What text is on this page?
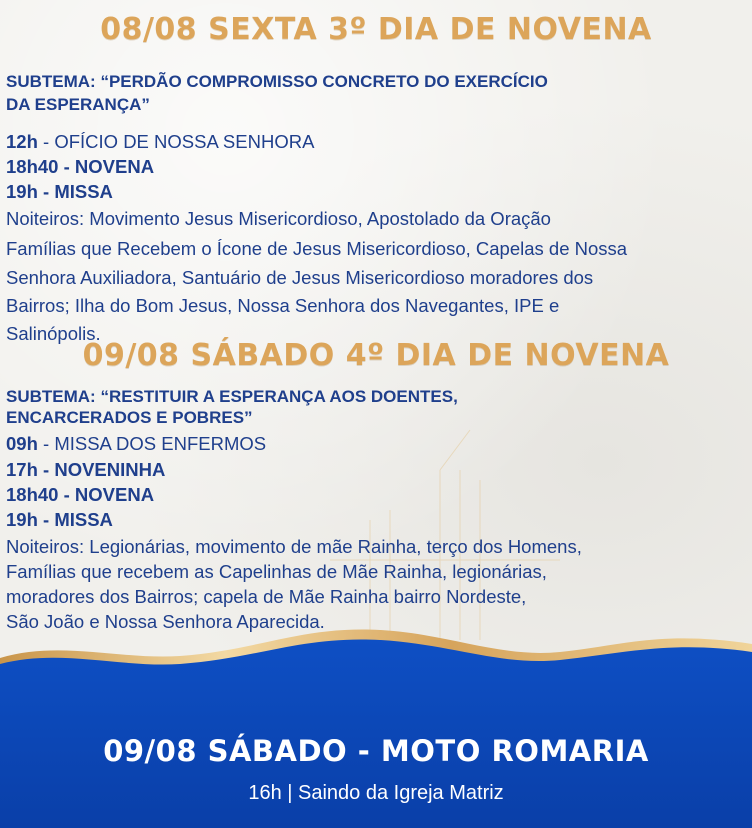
08/08 SEXTA 3º DIA DE NOVENA
SUBTEMA: “PERDÃO COMPROMISSO CONCRETO DO EXERCÍCIO
DA ESPERANÇA”
12h - OFÍCIO DE NOSSA SENHORA
18h40 - NOVENA
19h - MISSA
Noiteiros: Movimento Jesus Misericordioso, Apostolado da Oração
Famílias que Recebem o Ícone de Jesus Misericordioso, Capelas de Nossa
Senhora Auxiliadora, Santuário de Jesus Misericordioso moradores dos
Bairros; Ilha do Bom Jesus, Nossa Senhora dos Navegantes, IPE e
Salinópolis.
09/08 SÁBADO 4º DIA DE NOVENA
SUBTEMA: “RESTITUIR A ESPERANÇA AOS DOENTES,
ENCARCERADOS E POBRES”
09h - MISSA DOS ENFERMOS
17h - NOVENINHA
18h40 - NOVENA
19h - MISSA
Noiteiros: Legionárias, movimento de mãe Rainha, terço dos Homens,
Famílias que recebem as Capelinhas de Mãe Rainha, legionárias,
moradores dos Bairros; capela de Mãe Rainha bairro Nordeste,
São João e Nossa Senhora Aparecida.
09/08 SÁBADO - MOTO ROMARIA
16h | Saindo da Igreja Matriz
